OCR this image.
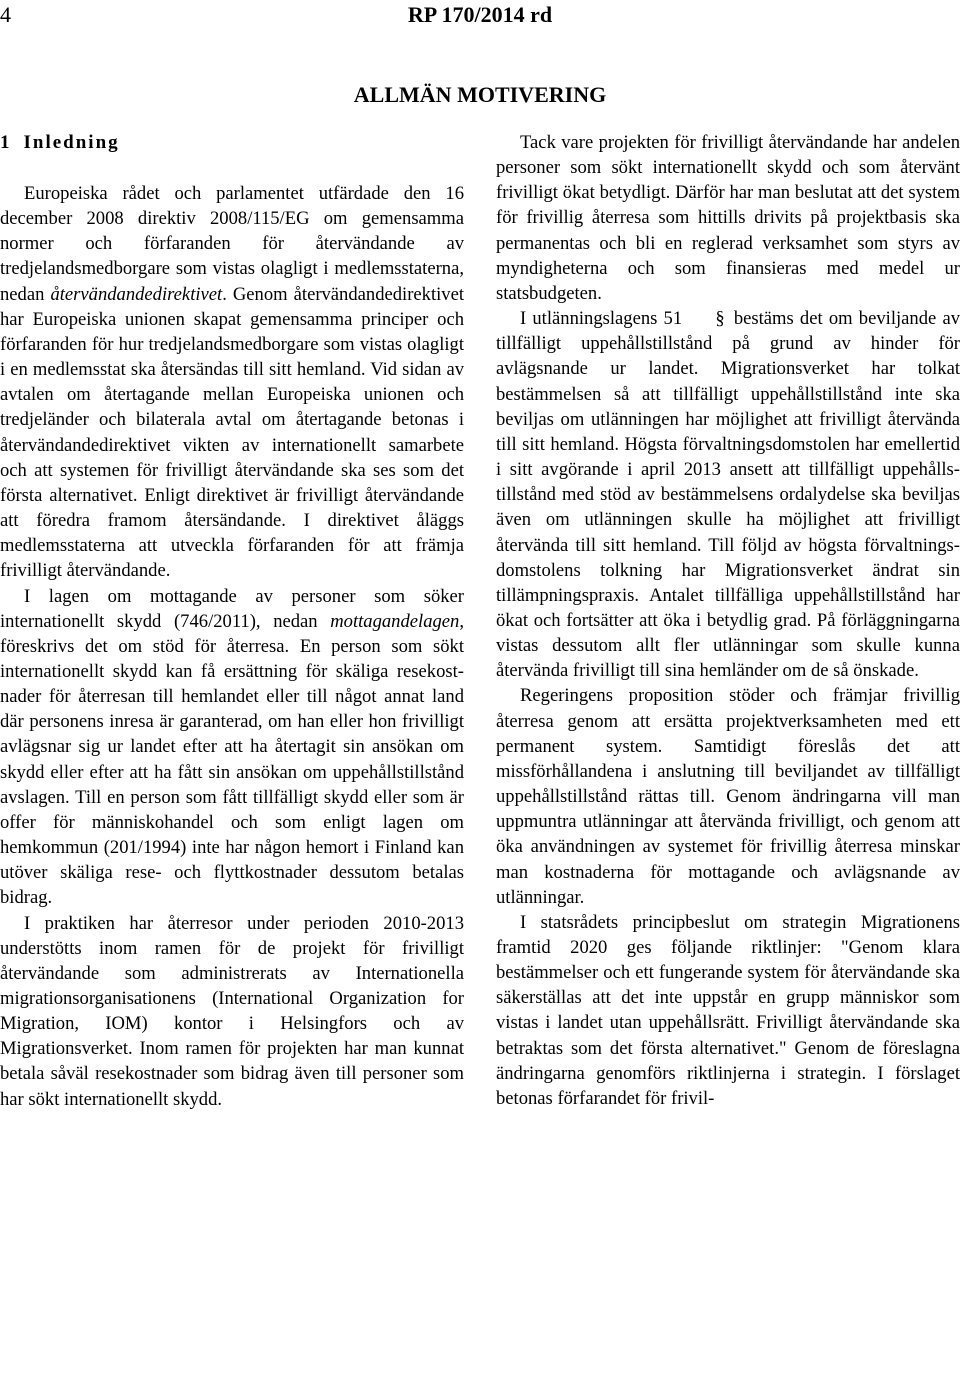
4	RP 170/2014 rd
ALLMÄN MOTIVERING
1 Inledning

Europeiska rådet och parlamentet utfärdade den 16 december 2008 direktiv 2008/115/EG om gemensamma normer och förfaranden för återvändande av tredjelandsmedborgare som vistas olagligt i medlemsstaterna, nedan återvändandedirektivet. Genom återvändandedirektivet har Europeiska unionen skapat gemensamma principer och förfaranden för hur tredjelandsmedborgare som vistas olagligt i en medlemsstat ska återsändas till sitt hemland. Vid sidan av avtalen om återtagande mellan Europeiska unionen och tredjeländer och bilaterala avtal om återtagande betonas i återvändandedirektivet vikten av internationellt samarbete och att systemen för frivilligt återvändande ska ses som det första alternativet. Enligt direktivet är frivilligt återvändande att föredra framom återsändande. I direktivet åläggs medlemsstaterna att utveckla förfaranden för att främja frivilligt återvändande.

I lagen om mottagande av personer som söker internationellt skydd (746/2011), nedan mottagandelagen, föreskrivs det om stöd för återresa. En person som sökt internationellt skydd kan få ersättning för skäliga resekostnader för återresan till hemlandet eller till något annat land där personens inresa är garanterad, om han eller hon frivilligt avlägsnar sig ur landet efter att ha återtagit sin ansökan om skydd eller efter att ha fått sin ansökan om uppehållstillstånd avslagen. Till en person som fått tillfälligt skydd eller som är offer för människohandel och som enligt lagen om hemkommun (201/1994) inte har någon hemort i Finland kan utöver skäliga rese- och flyttkostnader dessutom betalas bidrag.

I praktiken har återresor under perioden 2010-2013 understötts inom ramen för de projekt för frivilligt återvändande som administrerats av Internationella migrationsorganisationens (International Organization for Migration, IOM) kontor i Helsingfors och av Migrationsverket. Inom ramen för projekten har man kunnat betala såväl resekostnader som bidrag även till personer som har sökt internationellt skydd.

Tack vare projekten för frivilligt återvändande har andelen personer som sökt internationellt skydd och som återvänt frivilligt ökat betydligt. Därför har man beslutat att det system för frivillig återresa som hittills drivits på projektbasis ska permanentas och bli en reglerad verksamhet som styrs av myndigheterna och som finansieras med medel ur statsbudgeten.

I utlänningslagens 51 § bestäms det om beviljande av tillfälligt uppehållstillstånd på grund av hinder för avlägsnande ur landet. Migrationsverket har tolkat bestämmelsen så att tillfälligt uppehållstillstånd inte ska beviljas om utlänningen har möjlighet att frivilligt återvända till sitt hemland. Högsta förvaltningsdomstolen har emellertid i sitt avgörande i april 2013 ansett att tillfälligt uppehållstillstånd med stöd av bestämmelsens ordalydelse ska beviljas även om utlänningen skulle ha möjlighet att frivilligt återvända till sitt hemland. Till följd av högsta förvaltningsdomstolens tolkning har Migrationsverket ändrat sin tillämpningspraxis. Antalet tillfälliga uppehållstillstånd har ökat och fortsätter att öka i betydlig grad. På förläggningarna vistas dessutom allt fler utlänningar som skulle kunna återvända frivilligt till sina hemländer om de så önskade.

Regeringens proposition stöder och främjar frivillig återresa genom att ersätta projektverksamheten med ett permanent system. Samtidigt föreslås det att missförhållandena i anslutning till beviljandet av tillfälligt uppehållstillstånd rättas till. Genom ändringarna vill man uppmuntra utlänningar att återvända frivilligt, och genom att öka användningen av systemet för frivillig återresa minskar man kostnaderna för mottagande och avlägsnande av utlänningar.

I statsrådets principbeslut om strategin Migrationens framtid 2020 ges följande riktlinjer: "Genom klara bestämmelser och ett fungerande system för återvändande ska säkerställas att det inte uppstår en grupp människor som vistas i landet utan uppehållsrätt. Frivilligt återvändande ska betraktas som det första alternativet." Genom de föreslagna ändringarna genomförs riktlinjerna i strategin. I förslaget betonas förfarandet för frivil-
